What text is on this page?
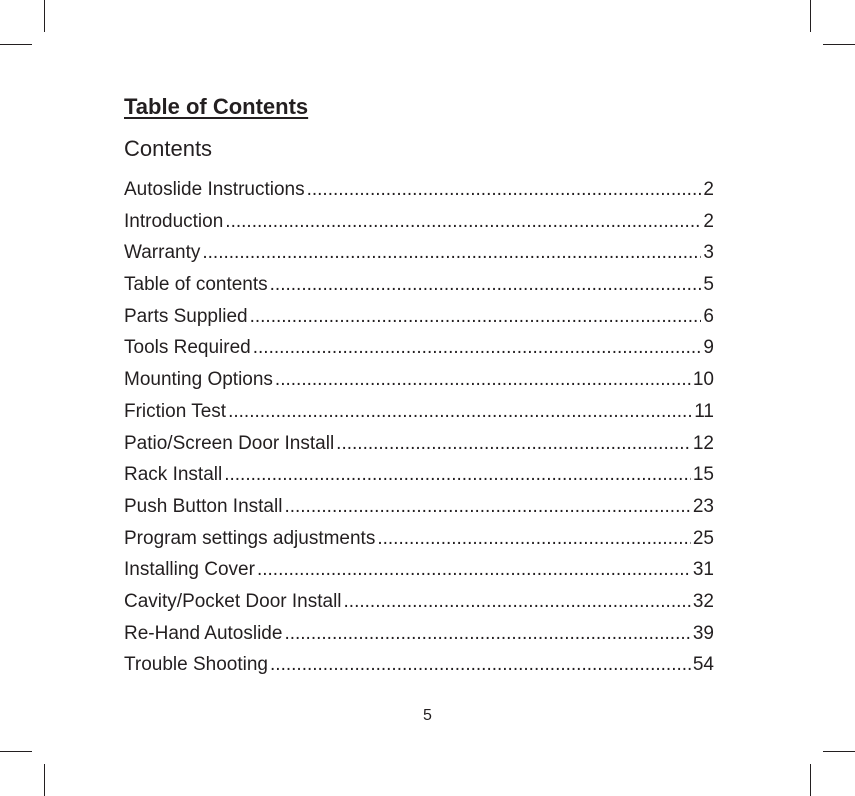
Table of Contents
Contents
Autoslide Instructions .....	2
Introduction .....	2
Warranty .....	3
Table of contents .....	5
Parts Supplied .....	6
Tools Required .....	9
Mounting Options .....	10
Friction Test .....	11
Patio/Screen Door Install .....	12
Rack Install .....	15
Push Button Install .....	23
Program settings adjustments .....	25
Installing Cover .....	31
Cavity/Pocket Door Install .....	32
Re-Hand Autoslide .....	39
Trouble Shooting .....	54
5
